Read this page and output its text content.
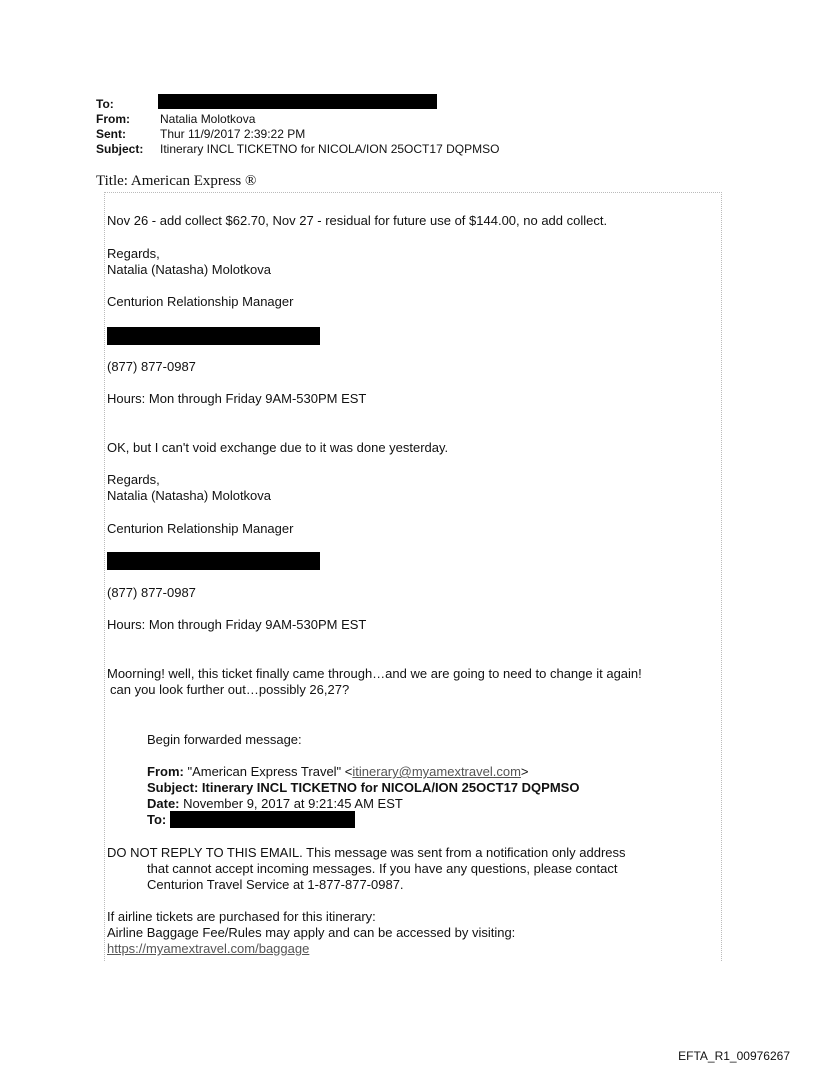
To:
From:	Natalia Molotkova
Sent:	Thur 11/9/2017 2:39:22 PM
Subject: Itinerary INCL TICKETNO for NICOLA/ION 25OCT17 DQPMSO
Title: American Express ®
Nov 26 - add collect $62.70, Nov 27 - residual for future use of $144.00, no add collect.
Regards,
Natalia (Natasha) Molotkova
Centurion Relationship Manager
(877) 877-0987
Hours: Mon through Friday 9AM-530PM EST
OK, but I can't void exchange due to it was done yesterday.
Regards,
Natalia (Natasha) Molotkova
Centurion Relationship Manager
(877) 877-0987
Hours: Mon through Friday 9AM-530PM EST
Moorning! well, this ticket finally came through…and we are going to need to change it again!
can you look further out…possibly 26,27?
Begin forwarded message:
From: "American Express Travel" <itinerary@myamextravel.com>
Subject: Itinerary INCL TICKETNO for NICOLA/ION 25OCT17 DQPMSO
Date: November 9, 2017 at 9:21:45 AM EST
To:
DO NOT REPLY TO THIS EMAIL. This message was sent from a notification only address
that cannot accept incoming messages. If you have any questions, please contact
Centurion Travel Service at 1-877-877-0987.
If airline tickets are purchased for this itinerary:
Airline Baggage Fee/Rules may apply and can be accessed by visiting:
https://myamextravel.com/baggage
EFTA_R1_00976267
